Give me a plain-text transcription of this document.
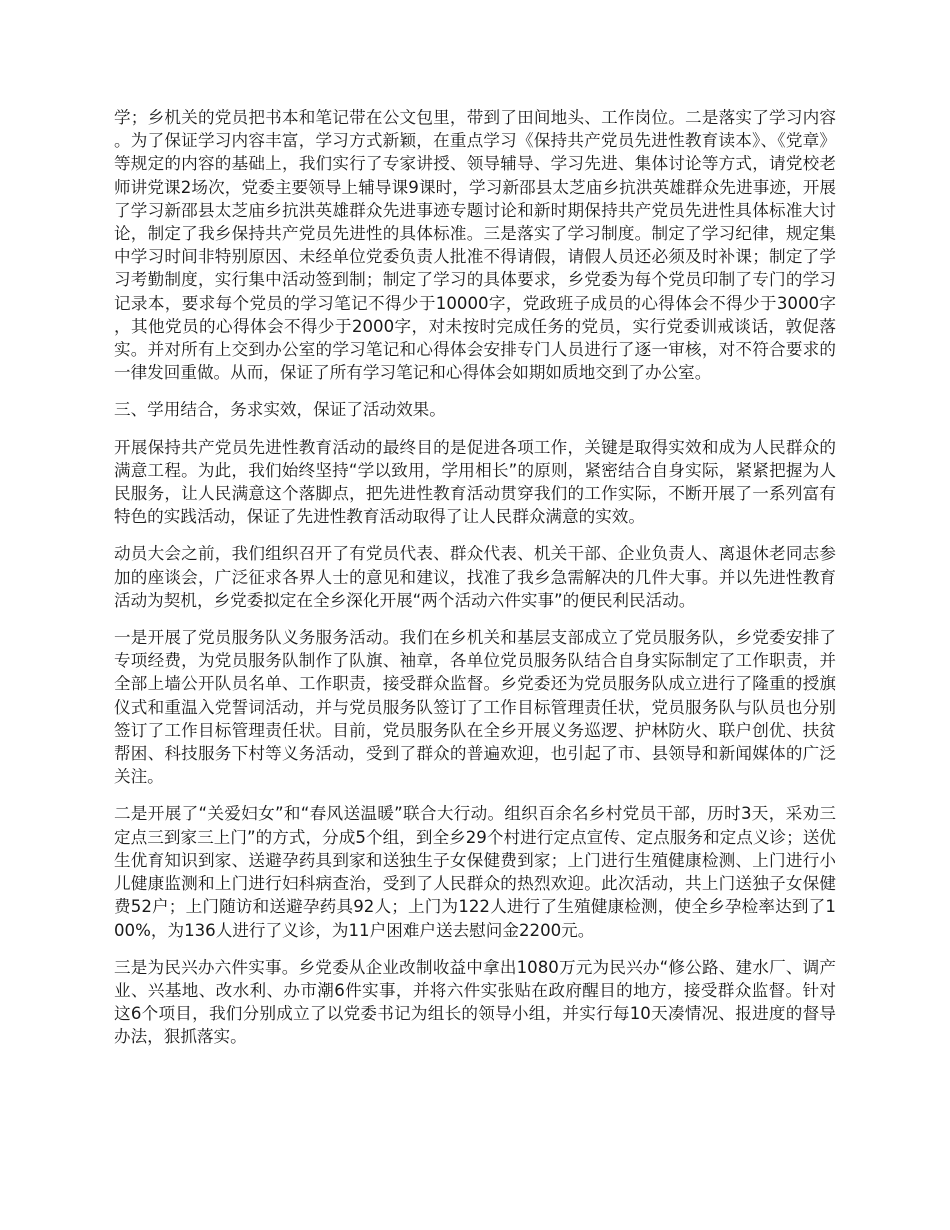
学；乡机关的党员把书本和笔记带在公文包里，带到了田间地头、工作岗位。二是落实了学习内容。为了保证学习内容丰富，学习方式新颖，在重点学习《保持共产党员先进性教育读本》、《党章》等规定的内容的基础上，我们实行了专家讲授、领导辅导、学习先进、集体讨论等方式，请党校老师讲党课2场次，党委主要领导上辅导课9课时，学习新邵县太芝庙乡抗洪英雄群众先进事迹，开展了学习新邵县太芝庙乡抗洪英雄群众先进事迹专题讨论和新时期保持共产党员先进性具体标准大讨论，制定了我乡保持共产党员先进性的具体标准。三是落实了学习制度。制定了学习纪律，规定集中学习时间非特别原因、未经单位党委负责人批准不得请假，请假人员还必须及时补课；制定了学习考勤制度，实行集中活动签到制；制定了学习的具体要求，乡党委为每个党员印制了专门的学习记录本，要求每个党员的学习笔记不得少于10000字，党政班子成员的心得体会不得少于3000字，其他党员的心得体会不得少于2000字，对未按时完成任务的党员，实行党委训戒谈话，敦促落实。并对所有上交到办公室的学习笔记和心得体会安排专门人员进行了逐一审核，对不符合要求的一律发回重做。从而，保证了所有学习笔记和心得体会如期如质地交到了办公室。

三、学用结合，务求实效，保证了活动效果。

开展保持共产党员先进性教育活动的最终目的是促进各项工作，关键是取得实效和成为人民群众的满意工程。为此，我们始终坚持“学以致用，学用相长”的原则，紧密结合自身实际，紧紧把握为人民服务，让人民满意这个落脚点，把先进性教育活动贯穿我们的工作实际，不断开展了一系列富有特色的实践活动，保证了先进性教育活动取得了让人民群众满意的实效。

动员大会之前，我们组织召开了有党员代表、群众代表、机关干部、企业负责人、离退休老同志参加的座谈会，广泛征求各界人士的意见和建议，找准了我乡急需解决的几件大事。并以先进性教育活动为契机，乡党委拟定在全乡深化开展“两个活动六件实事”的便民利民活动。

一是开展了党员服务队义务服务活动。我们在乡机关和基层支部成立了党员服务队，乡党委安排了专项经费，为党员服务队制作了队旗、袖章，各单位党员服务队结合自身实际制定了工作职责，并全部上墙公开队员名单、工作职责，接受群众监督。乡党委还为党员服务队成立进行了隆重的授旗仪式和重温入党誓词活动，并与党员服务队签订了工作目标管理责任状，党员服务队与队员也分别签订了工作目标管理责任状。目前，党员服务队在全乡开展义务巡逻、护林防火、联户创优、扶贫帮困、科技服务下村等义务活动，受到了群众的普遍欢迎，也引起了市、县领导和新闻媒体的广泛关注。

二是开展了“关爱妇女”和“春风送温暖”联合大行动。组织百余名乡村党员干部，历时3天，采劝三定点三到家三上门”的方式，分成5个组，到全乡29个村进行定点宣传、定点服务和定点义诊；送优生优育知识到家、送避孕药具到家和送独生子女保健费到家；上门进行生殖健康检测、上门进行小儿健康监测和上门进行妇科病查治，受到了人民群众的热烈欢迎。此次活动，共上门送独子女保健费52户；上门随访和送避孕药具92人；上门为122人进行了生殖健康检测，使全乡孕检率达到了100%，为136人进行了义诊，为11户困难户送去慰问金2200元。

三是为民兴办六件实事。乡党委从企业改制收益中拿出1080万元为民兴办“修公路、建水厂、调产业、兴基地、改水利、办市潮6件实事，并将六件实张贴在政府醒目的地方，接受群众监督。针对这6个项目，我们分别成立了以党委书记为组长的领导小组，并实行每10天凑情况、报进度的督导办法，狠抓落实。
